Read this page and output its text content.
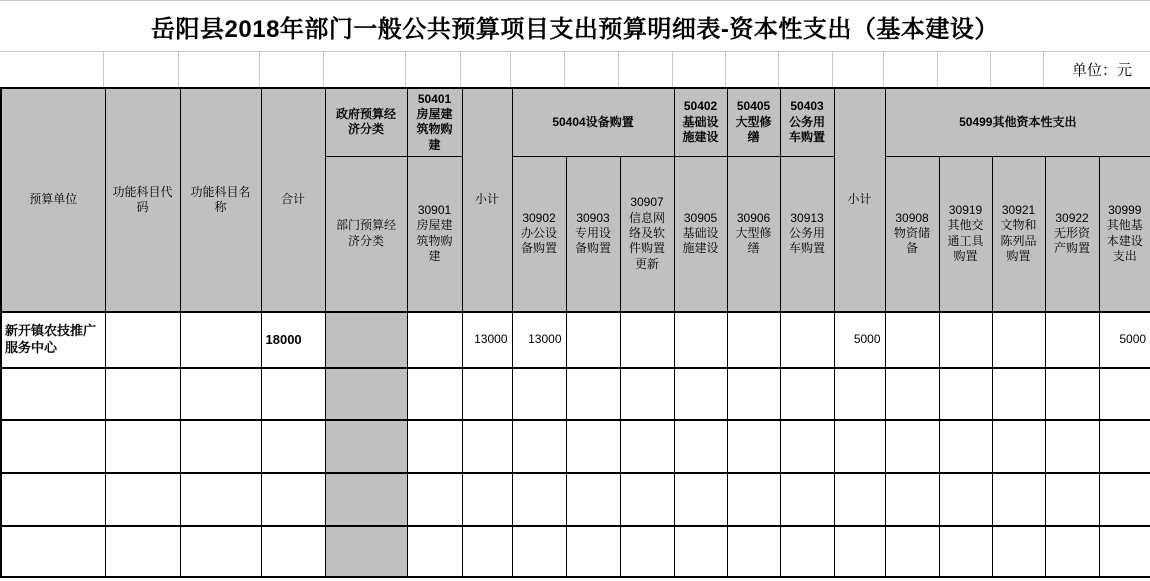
岳阳县2018年部门一般公共预算项目支出预算明细表-资本性支出（基本建设）
单位：元
预算单位	功能科目代码	功能科目名称	合计	政府预算经济分类	50401房屋建筑物购建	小计	50404设备购置			50402基础设施建设	50405大型修缮	50403公务用车购置	小计	50499其他资本性支出				
				部门预算经济分类	30901房屋建筑物购建		30902办公设备购置	30903专用设备购置	30907信息网络及软件购置更新	30905基础设施建设	30906大型修缮	30913公务用车购置		30908物资储备	30919其他交通工具购置	30921文物和陈列品购置	30922无形资产购置	30999其他基本建设支出
新开镇农技推广服务中心			18000			13000	13000						5000					5000
